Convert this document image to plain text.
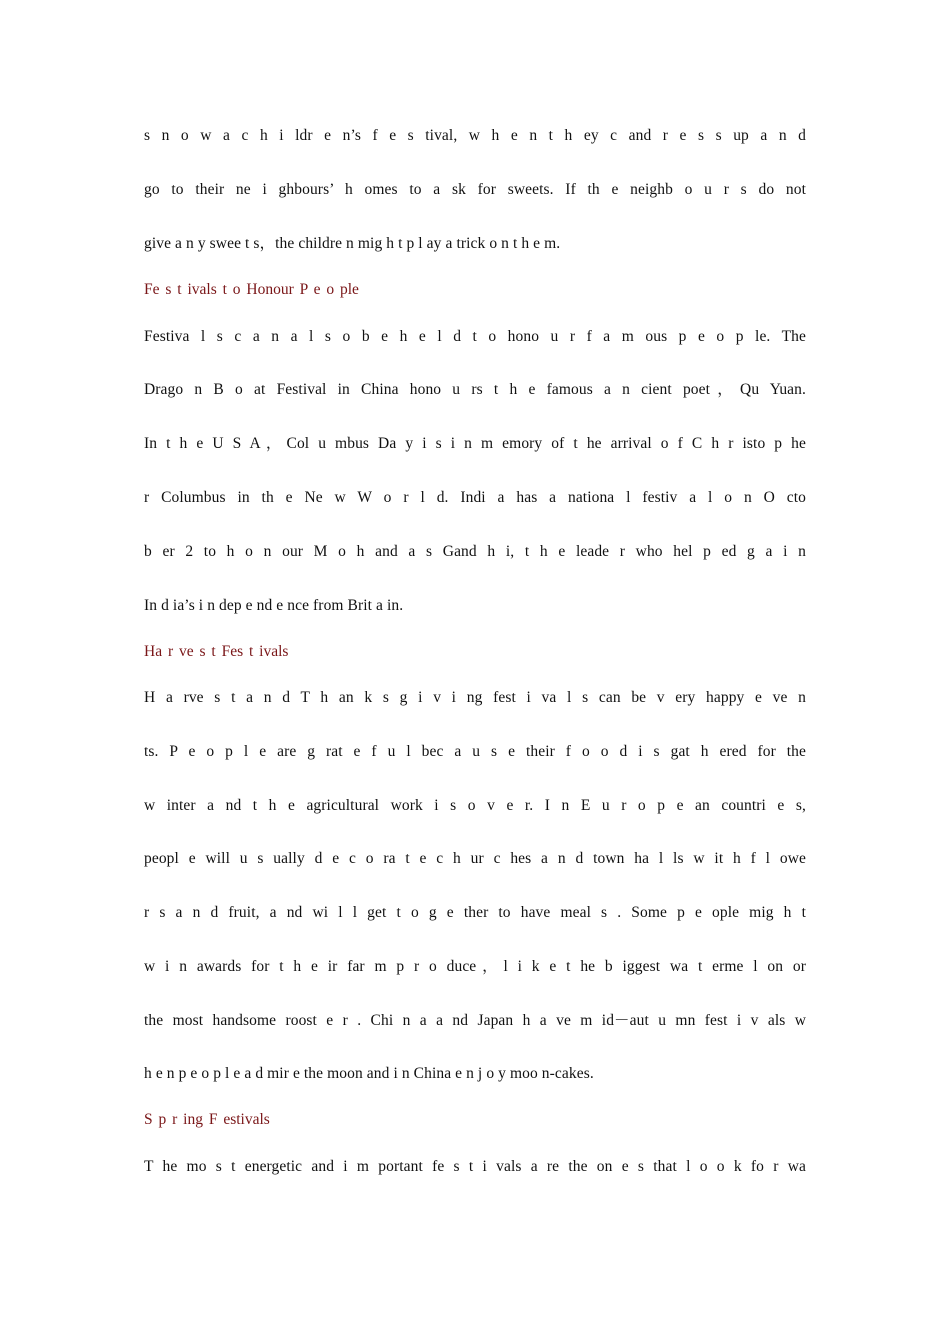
s n o w a c h i ldr e n’s f e s tival, w h e n t h ey c and r e s s up a n d
go to their ne i ghbours’ h omes to a sk for sweets. If th e neighb o u r s do not
give a n y swee t s，the childre n mig h t p l ay a trick o n t h e m.
Fe s t ivals t o Honour P e o ple
Festiva l s c a n a l s o b e h e l d t o hono u r f a m ous p e o p le. The
Drago n B o at Festival in China hono u rs t h e famous a n cient poet，Qu Yuan.
In t h e U S A，Col u mbus Da y i s i n m emory of t he arrival o f C h r isto p he
r Columbus in th e Ne w W o r l d. Indi a has a nationa l festiv a l o n O cto
b er 2 to h o n our M o h and a s Gand h i, t h e leade r who hel p ed g a i n
In d ia’s i n dep e nd e nce from Brit a in.
Ha r ve s t Fes t ivals
H a rve s t a n d T h an k s g i v i ng fest i va l s can be v ery happy e ve n
ts. P e o p l e are g rat e f u l bec a u s e their f o o d i s gat h ered for the
w inter a nd t h e agricultural work i s o v e r. I n E u r o p e an countri e s,
peopl e will u s ually d e c o ra t e c h ur c hes a n d town ha l ls w it h f l owe
r s a n d fruit, a nd wi l l get t o g e ther to have meal s . Some p e ople mig h t
w i n awards for t h e ir far m p r o duce，l i k e t he b iggest wa t erme l on or
the most handsome roost e r . Chi n a a nd Japan h a ve m id－aut u mn fest i v als w
h e n p e o p l e a d mir e the moon and i n China e n j o y moo n-cakes.
S p r ing F estivals
T he mo s t energetic and i m portant fe s t i vals a re the on e s that l o o k fo r wa
